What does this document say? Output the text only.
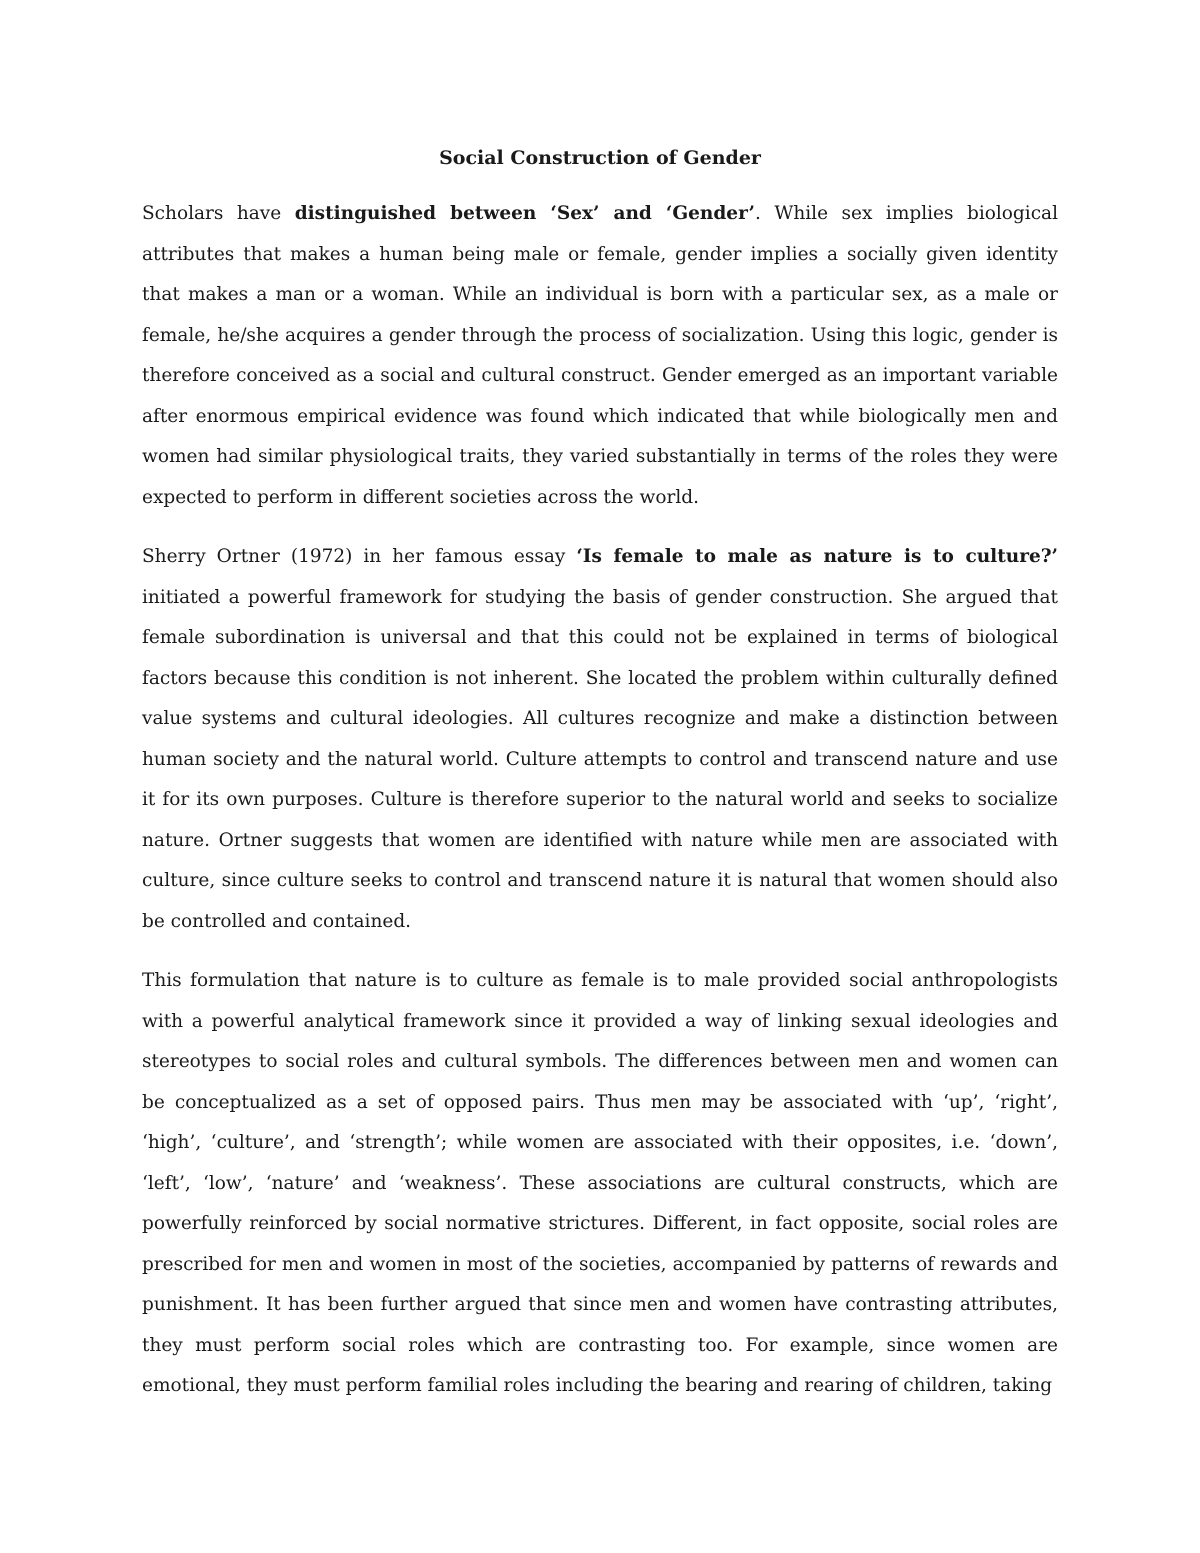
Social Construction of Gender

Scholars have distinguished between ‘Sex’ and ‘Gender’. While sex implies biological attributes that makes a human being male or female, gender implies a socially given identity that makes a man or a woman. While an individual is born with a particular sex, as a male or female, he/she acquires a gender through the process of socialization. Using this logic, gender is therefore conceived as a social and cultural construct. Gender emerged as an important variable after enormous empirical evidence was found which indicated that while biologically men and women had similar physiological traits, they varied substantially in terms of the roles they were expected to perform in different societies across the world.

Sherry Ortner (1972) in her famous essay ‘Is female to male as nature is to culture?’ initiated a powerful framework for studying the basis of gender construction. She argued that female subordination is universal and that this could not be explained in terms of biological factors because this condition is not inherent. She located the problem within culturally defined value systems and cultural ideologies. All cultures recognize and make a distinction between human society and the natural world. Culture attempts to control and transcend nature and use it for its own purposes. Culture is therefore superior to the natural world and seeks to socialize nature. Ortner suggests that women are identified with nature while men are associated with culture, since culture seeks to control and transcend nature it is natural that women should also be controlled and contained.

This formulation that nature is to culture as female is to male provided social anthropologists with a powerful analytical framework since it provided a way of linking sexual ideologies and stereotypes to social roles and cultural symbols. The differences between men and women can be conceptualized as a set of opposed pairs. Thus men may be associated with ‘up’, ‘right’, ‘high’, ‘culture’, and ‘strength’; while women are associated with their opposites, i.e. ‘down’, ‘left’, ‘low’, ‘nature’ and ‘weakness’. These associations are cultural constructs, which are powerfully reinforced by social normative strictures. Different, in fact opposite, social roles are prescribed for men and women in most of the societies, accompanied by patterns of rewards and punishment. It has been further argued that since men and women have contrasting attributes, they must perform social roles which are contrasting too. For example, since women are emotional, they must perform familial roles including the bearing and rearing of children, taking
